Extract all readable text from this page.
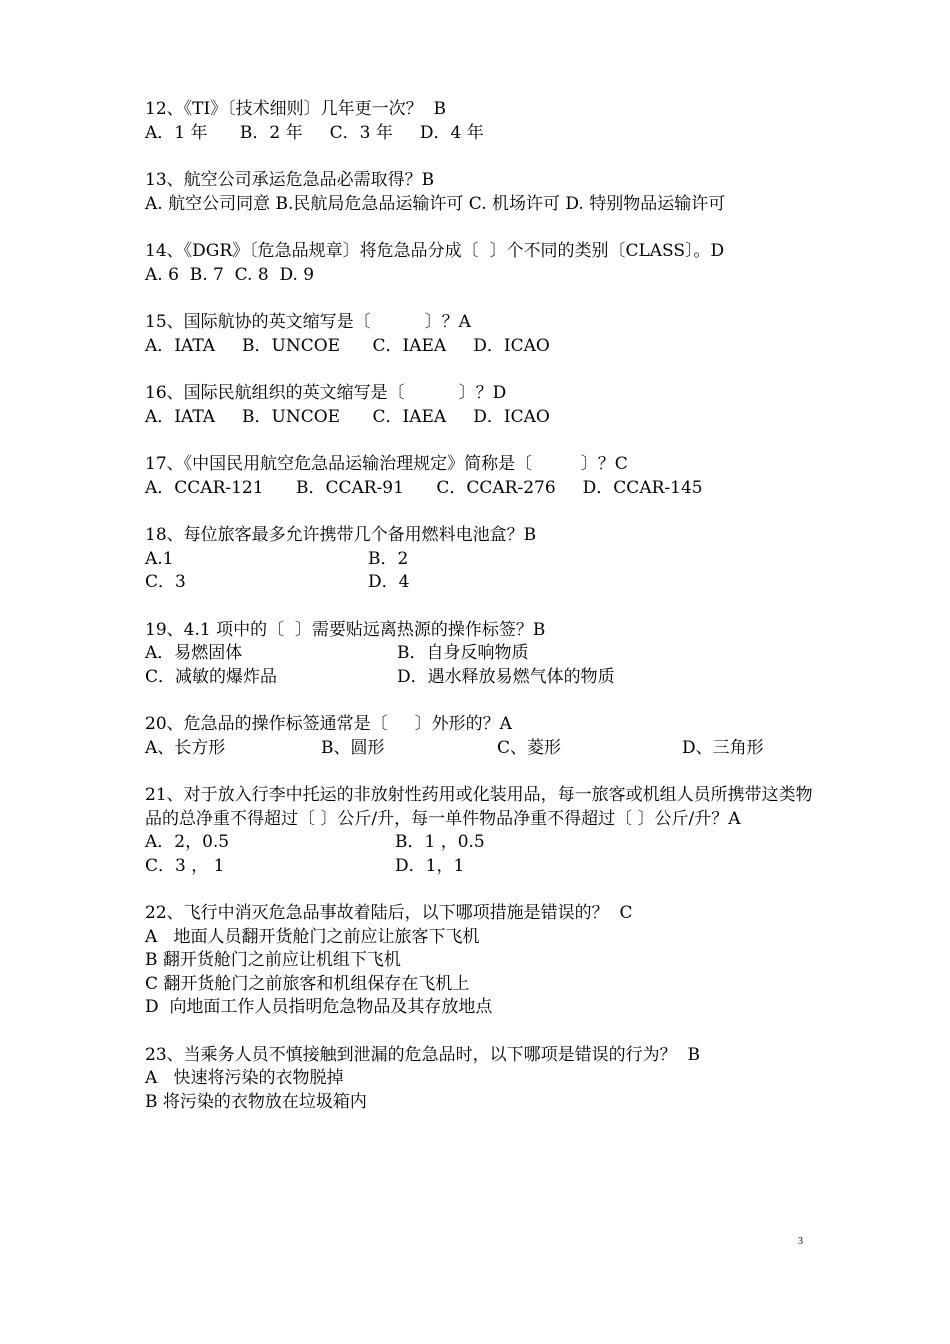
12、《TI》〔技术细则〕几年更一次？  B
A．1 年      B．2 年     C．3 年     D．4 年
13、航空公司承运危急品必需取得？B
A. 航空公司同意 B.民航局危急品运输许可 C. 机场许可 D. 特别物品运输许可
14、《DGR》〔危急品规章〕将危急品分成〔  〕个不同的类别〔CLASS〕。D
A. 6  B. 7  C. 8  D. 9
15、国际航协的英文缩写是〔          〕？A
A．IATA     B．UNCOE      C．IAEA     D．ICAO
16、国际民航组织的英文缩写是〔          〕？D
A．IATA     B．UNCOE      C．IAEA     D．ICAO
17、《中国民用航空危急品运输治理规定》简称是〔         〕？C
A．CCAR-121      B．CCAR-91      C．CCAR-276     D．CCAR-145
18、每位旅客最多允许携带几个备用燃料电池盒？B
A.1	B．2
C．3	D．4
19、4.1 项中的〔  〕需要贴远离热源的操作标签？B
A．易燃固体	B．自身反响物质
C．减敏的爆炸品	D．遇水释放易燃气体的物质
20、危急品的操作标签通常是〔     〕外形的？A
A、长方形	B、圆形	C、菱形	D、三角形
21、对于放入行李中托运的非放射性药用或化装用品，每一旅客或机组人员所携带这类物品的总净重不得超过〔 〕公斤/升，每一单件物品净重不得超过〔 〕公斤/升？A
A．2，0.5	B．1 ，0.5
C．3 ， 1	D．1，1
22、飞行中消灭危急品事故着陆后，以下哪项措施是错误的？  C
A   地面人员翻开货舱门之前应让旅客下飞机
B 翻开货舱门之前应让机组下飞机
C 翻开货舱门之前旅客和机组保存在飞机上
D  向地面工作人员指明危急物品及其存放地点
23、当乘务人员不慎接触到泄漏的危急品时，以下哪项是错误的行为？  B
A   快速将污染的衣物脱掉
B 将污染的衣物放在垃圾箱内
3
